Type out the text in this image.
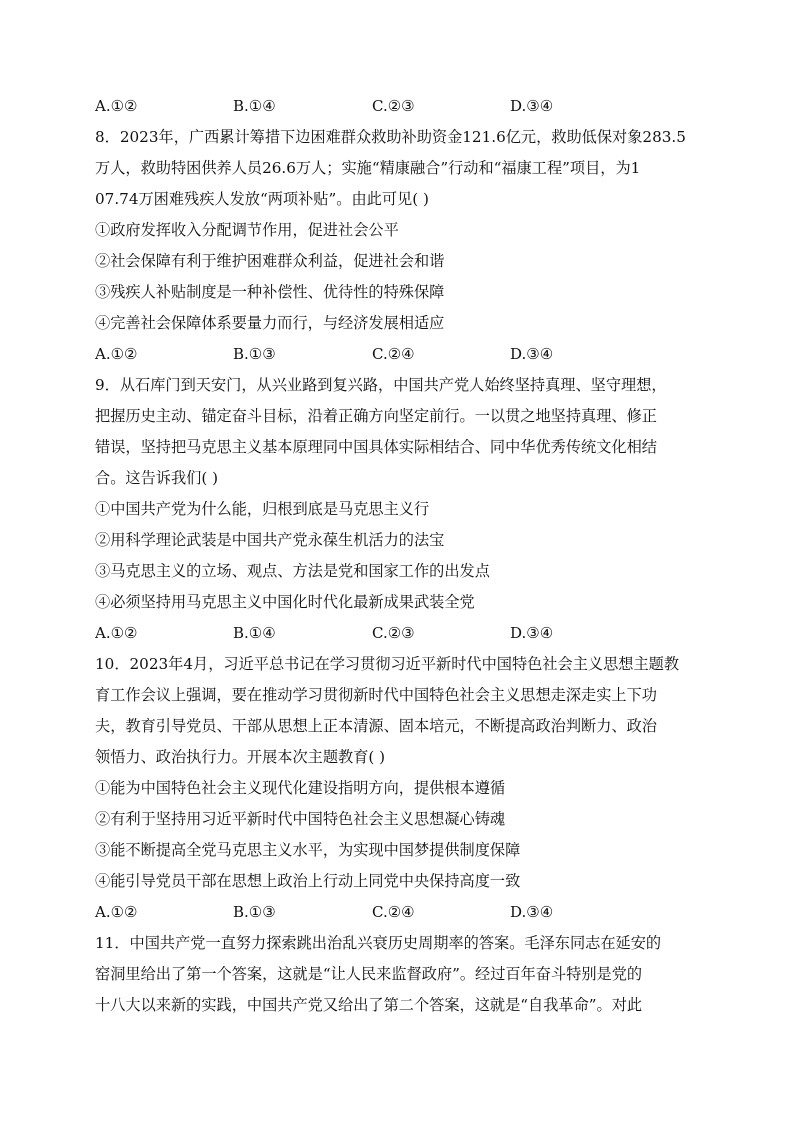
A.①②	B.①④	C.②③	D.③④
8．2023年，广西累计筹措下边困难群众救助补助资金121.6亿元，救助低保对象283.5
万人，救助特困供养人员26.6万人；实施“精康融合”行动和“福康工程”项目，为1
07.74万困难残疾人发放“两项补贴”。由此可见( )
①政府发挥收入分配调节作用，促进社会公平
②社会保障有利于维护困难群众利益，促进社会和谐
③残疾人补贴制度是一种补偿性、优待性的特殊保障
④完善社会保障体系要量力而行，与经济发展相适应
A.①②	B.①③	C.②④	D.③④
9．从石库门到天安门，从兴业路到复兴路，中国共产党人始终坚持真理、坚守理想，
把握历史主动、锚定奋斗目标，沿着正确方向坚定前行。一以贯之地坚持真理、修正
错误，坚持把马克思主义基本原理同中国具体实际相结合、同中华优秀传统文化相结
合。这告诉我们( )
①中国共产党为什么能，归根到底是马克思主义行
②用科学理论武装是中国共产党永葆生机活力的法宝
③马克思主义的立场、观点、方法是党和国家工作的出发点
④必须坚持用马克思主义中国化时代化最新成果武装全党
A.①②	B.①④	C.②③	D.③④
10．2023年4月，习近平总书记在学习贯彻习近平新时代中国特色社会主义思想主题教
育工作会议上强调，要在推动学习贯彻新时代中国特色社会主义思想走深走实上下功
夫，教育引导党员、干部从思想上正本清源、固本培元，不断提高政治判断力、政治
领悟力、政治执行力。开展本次主题教育( )
①能为中国特色社会主义现代化建设指明方向，提供根本遵循
②有利于坚持用习近平新时代中国特色社会主义思想凝心铸魂
③能不断提高全党马克思主义水平，为实现中国梦提供制度保障
④能引导党员干部在思想上政治上行动上同党中央保持高度一致
A.①②	B.①③	C.②④	D.③④
11．中国共产党一直努力探索跳出治乱兴衰历史周期率的答案。毛泽东同志在延安的
窑洞里给出了第一个答案，这就是“让人民来监督政府”。经过百年奋斗特别是党的
十八大以来新的实践，中国共产党又给出了第二个答案，这就是“自我革命”。对此
